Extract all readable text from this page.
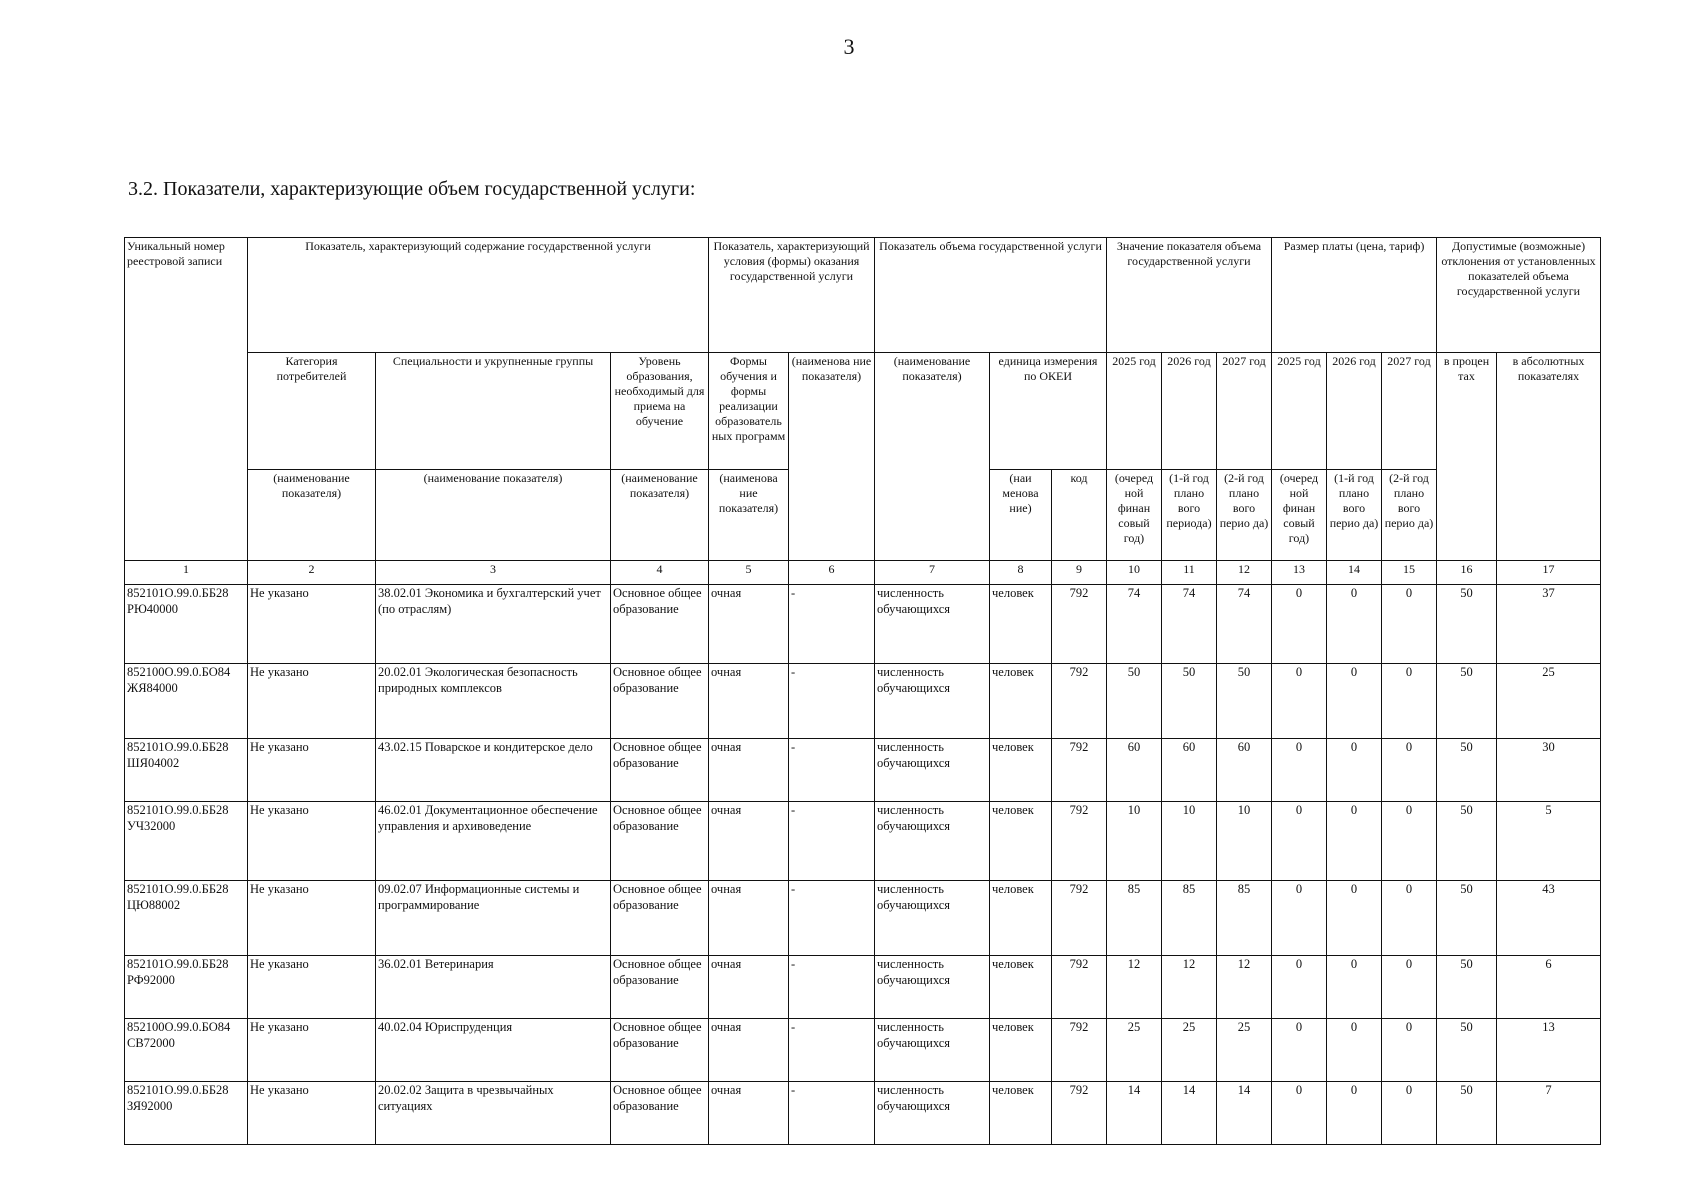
3
3.2. Показатели, характеризующие объем государственной услуги:
Уникальный номер реестровой записи	Показатель, характеризующий содержание государственной услуги			Показатель, характеризующий условия (формы) оказания государственной услуги		Показатель объема государственной услуги			Значение показателя объема государственной услуги			Размер платы (цена, тариф)			Допустимые (возможные) отклонения от установленных показателей объема государственной услуги	
	Категория потребителей	Специальности и укрупненные группы	Уровень образования, необходимый для приема на обучение	Формы обучения и формы реализации образователь ных программ	(наименова ние показателя)	(наименование показателя)	единица измерения по ОКЕИ		2025 год	2026 год	2027 год	2025 год	2026 год	2027 год	в процен тах	в абсолютных показателях
	(наименование показателя)	(наименование показателя)	(наименование показателя)	(наименова ние показателя)			(наи менова ние)	код	(очеред ной финан совый год)	(1-й год плано вого периода)	(2-й год плано вого перио да)	(очеред ной финан совый год)	(1-й год плано вого перио да)	(2-й год плано вого перио да)		
1	2	3	4	5	6	7	8	9	10	11	12	13	14	15	16	17
852101О.99.0.ББ28 РЮ40000	Не указано	38.02.01 Экономика и бухгалтерский учет (по отраслям)	Основное общее образование	очная	-	численность обучающихся	человек	792	74	74	74	0	0	0	50	37
852100О.99.0.БО84 ЖЯ84000	Не указано	20.02.01 Экологическая безопасность природных комплексов	Основное общее образование	очная	-	численность обучающихся	человек	792	50	50	50	0	0	0	50	25
852101О.99.0.ББ28 ШЯ04002	Не указано	43.02.15 Поварское и кондитерское дело	Основное общее образование	очная	-	численность обучающихся	человек	792	60	60	60	0	0	0	50	30
852101О.99.0.ББ28 УЧ32000	Не указано	46.02.01 Документационное обеспечение управления и архивоведение	Основное общее образование	очная	-	численность обучающихся	человек	792	10	10	10	0	0	0	50	5
852101О.99.0.ББ28 ЦЮ88002	Не указано	09.02.07 Информационные системы и программирование	Основное общее образование	очная	-	численность обучающихся	человек	792	85	85	85	0	0	0	50	43
852101О.99.0.ББ28 РФ92000	Не указано	36.02.01 Ветеринария	Основное общее образование	очная	-	численность обучающихся	человек	792	12	12	12	0	0	0	50	6
852100О.99.0.БО84 СВ72000	Не указано	40.02.04 Юриспруденция	Основное общее образование	очная	-	численность обучающихся	человек	792	25	25	25	0	0	0	50	13
852101О.99.0.ББ28 ЗЯ92000	Не указано	20.02.02 Защита в чрезвычайных ситуациях	Основное общее образование	очная	-	численность обучающихся	человек	792	14	14	14	0	0	0	50	7
